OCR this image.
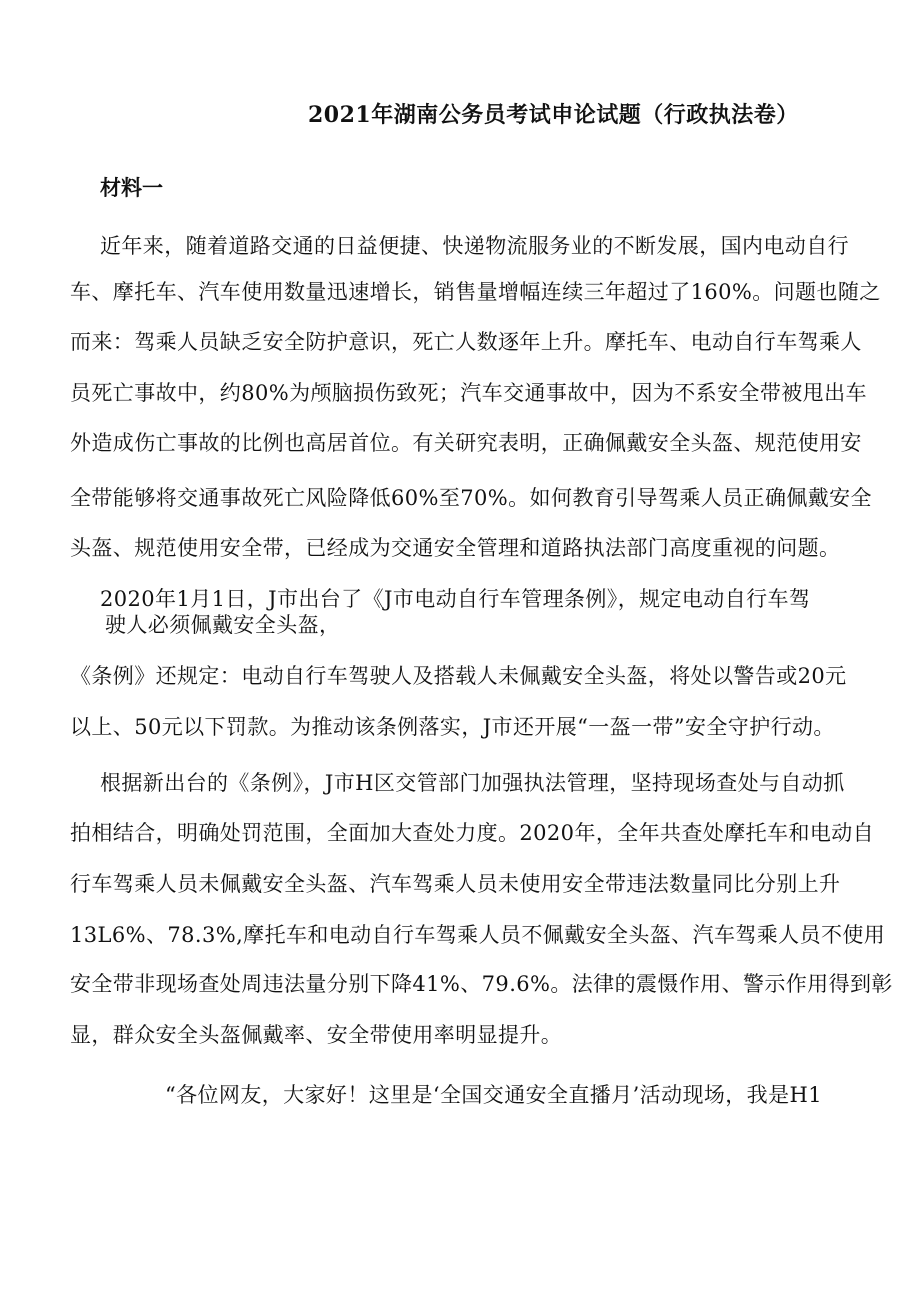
2021年湖南公务员考试申论试题（行政执法卷）
材料一
近年来，随着道路交通的日益便捷、快递物流服务业的不断发展，国内电动自行
车、摩托车、汽车使用数量迅速增长，销售量增幅连续三年超过了160%。问题也随之
而来：驾乘人员缺乏安全防护意识，死亡人数逐年上升。摩托车、电动自行车驾乘人
员死亡事故中，约80%为颅脑损伤致死；汽车交通事故中，因为不系安全带被甩出车
外造成伤亡事故的比例也高居首位。有关研究表明，正确佩戴安全头盔、规范使用安
全带能够将交通事故死亡风险降低60%至70%。如何教育引导驾乘人员正确佩戴安全
头盔、规范使用安全带，已经成为交通安全管理和道路执法部门高度重视的问题。
2020年1月1日，J市出台了《J市电动自行车管理条例》，规定电动自行车驾
驶人必须佩戴安全头盔，
《条例》还规定：电动自行车驾驶人及搭载人未佩戴安全头盔，将处以警告或20元
以上、50元以下罚款。为推动该条例落实，J市还开展“一盔一带”安全守护行动。
根据新出台的《条例》，J市H区交管部门加强执法管理，坚持现场查处与自动抓
拍相结合，明确处罚范围，全面加大查处力度。2020年，全年共查处摩托车和电动自
行车驾乘人员未佩戴安全头盔、汽车驾乘人员未使用安全带违法数量同比分别上升
13L6%、78.3%,摩托车和电动自行车驾乘人员不佩戴安全头盔、汽车驾乘人员不使用
安全带非现场查处周违法量分别下降41%、79.6%。法律的震慑作用、警示作用得到彰
显，群众安全头盔佩戴率、安全带使用率明显提升。
“各位网友，大家好！这里是‘全国交通安全直播月’活动现场，我是H1
